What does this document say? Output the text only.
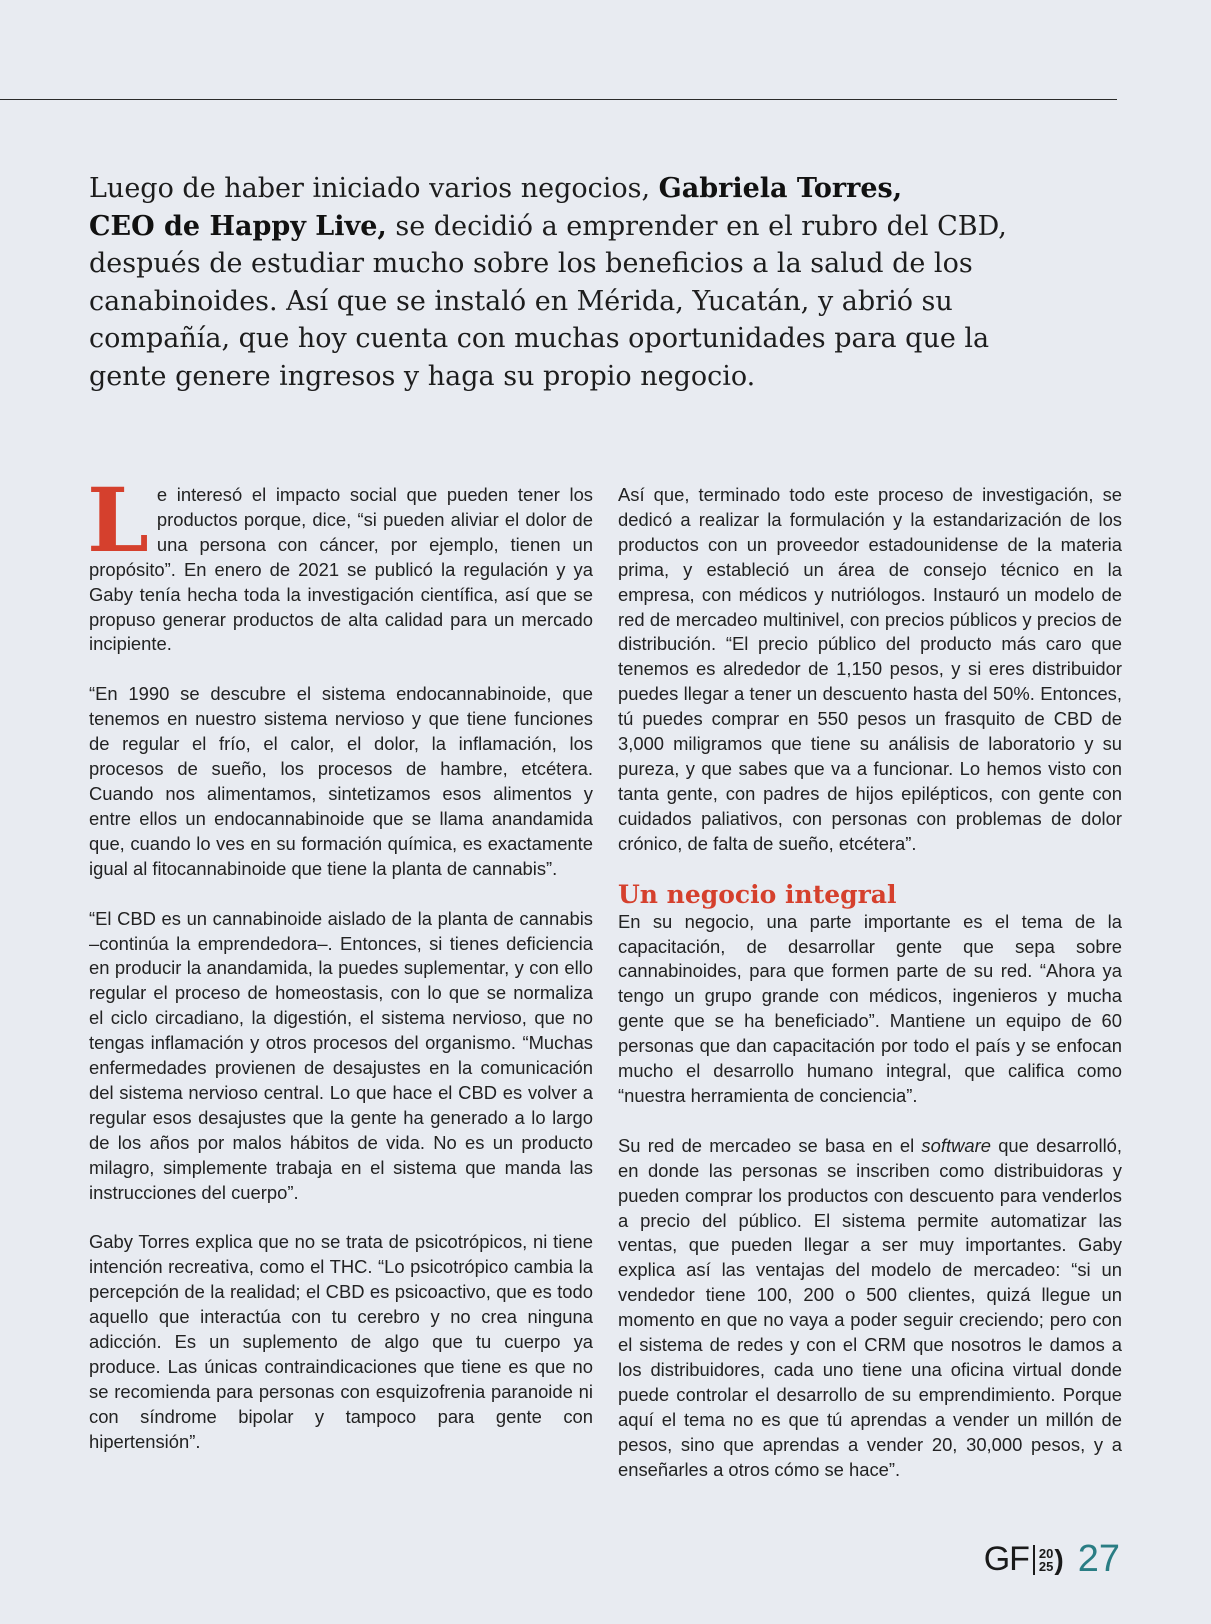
Luego de haber iniciado varios negocios, Gabriela Torres,
CEO de Happy Live, se decidió a emprender en el rubro del CBD, después de estudiar mucho sobre los beneficios a la salud de los canabinoides. Así que se instaló en Mérida, Yucatán, y abrió su compañía, que hoy cuenta con muchas oportunidades para que la gente genere ingresos y haga su propio negocio.

Le interesó el impacto social que pueden tener los productos porque, dice, “si pueden aliviar el dolor de una persona con cáncer, por ejemplo, tienen un propósito”. En enero de 2021 se publicó la regulación y ya Gaby tenía hecha toda la investigación científica, así que se propuso generar productos de alta calidad para un mercado incipiente.

“En 1990 se descubre el sistema endocannabinoide, que tenemos en nuestro sistema nervioso y que tiene funciones de regular el frío, el calor, el dolor, la inflamación, los procesos de sueño, los procesos de hambre, etcétera. Cuando nos alimentamos, sintetizamos esos alimentos y entre ellos un endocannabinoide que se llama anandamida que, cuando lo ves en su formación química, es exactamente igual al fitocannabinoide que tiene la planta de cannabis”.

“El CBD es un cannabinoide aislado de la planta de cannabis –continúa la emprendedora–. Entonces, si tienes deficiencia en producir la anandamida, la puedes suplementar, y con ello regular el proceso de homeostasis, con lo que se normaliza el ciclo circadiano, la digestión, el sistema nervioso, que no tengas inflamación y otros procesos del organismo. “Muchas enfermedades provienen de desajustes en la comunicación del sistema nervioso central. Lo que hace el CBD es volver a regular esos desajustes que la gente ha generado a lo largo de los años por malos hábitos de vida. No es un producto milagro, simplemente trabaja en el sistema que manda las instrucciones del cuerpo”.

Gaby Torres explica que no se trata de psicotrópicos, ni tiene intención recreativa, como el THC. “Lo psicotrópico cambia la percepción de la realidad; el CBD es psicoactivo, que es todo aquello que interactúa con tu cerebro y no crea ninguna adicción. Es un suplemento de algo que tu cuerpo ya produce. Las únicas contraindicaciones que tiene es que no se recomienda para personas con esquizofrenia paranoide ni con síndrome bipolar y tampoco para gente con hipertensión”.

Así que, terminado todo este proceso de investigación, se dedicó a realizar la formulación y la estandarización de los productos con un proveedor estadounidense de la materia prima, y estableció un área de consejo técnico en la empresa, con médicos y nutriólogos. Instauró un modelo de red de mercadeo multinivel, con precios públicos y precios de distribución. “El precio público del producto más caro que tenemos es alrededor de 1,150 pesos, y si eres distribuidor puedes llegar a tener un descuento hasta del 50%. Entonces, tú puedes comprar en 550 pesos un frasquito de CBD de 3,000 miligramos que tiene su análisis de laboratorio y su pureza, y que sabes que va a funcionar. Lo hemos visto con tanta gente, con padres de hijos epilépticos, con gente con cuidados paliativos, con personas con problemas de dolor crónico, de falta de sueño, etcétera”.

Un negocio integral

En su negocio, una parte importante es el tema de la capacitación, de desarrollar gente que sepa sobre cannabinoides, para que formen parte de su red. “Ahora ya tengo un grupo grande con médicos, ingenieros y mucha gente que se ha beneficiado”. Mantiene un equipo de 60 personas que dan capacitación por todo el país y se enfocan mucho el desarrollo humano integral, que califica como “nuestra herramienta de conciencia”.

Su red de mercadeo se basa en el software que desarrolló, en donde las personas se inscriben como distribuidoras y pueden comprar los productos con descuento para venderlos a precio del público. El sistema permite automatizar las ventas, que pueden llegar a ser muy importantes. Gaby explica así las ventajas del modelo de mercadeo: “si un vendedor tiene 100, 200 o 500 clientes, quizá llegue un momento en que no vaya a poder seguir creciendo; pero con el sistema de redes y con el CRM que nosotros le damos a los distribuidores, cada uno tiene una oficina virtual donde puede controlar el desarrollo de su emprendimiento. Porque aquí el tema no es que tú aprendas a vender un millón de pesos, sino que aprendas a vender 20, 30,000 pesos, y a enseñarles a otros cómo se hace”.

GF 20
25 ) 27
